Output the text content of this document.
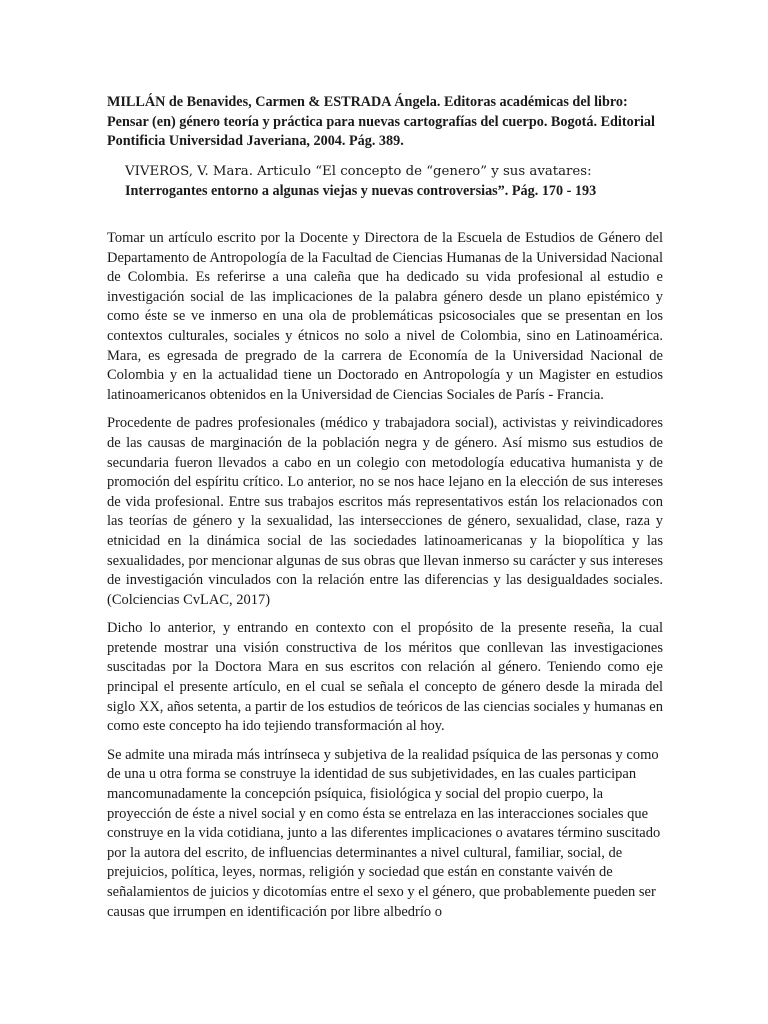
MILLÁN de Benavides, Carmen & ESTRADA Ángela. Editoras académicas del libro: Pensar (en) género teoría y práctica para nuevas cartografías del cuerpo. Bogotá. Editorial Pontificia Universidad Javeriana, 2004. Pág. 389.

VIVEROS, V. Mara. Articulo “El concepto de “genero” y sus avatares:
Interrogantes entorno a algunas viejas y nuevas controversias”. Pág. 170 - 193

Tomar un artículo escrito por la Docente y Directora de la Escuela de Estudios de Género del Departamento de Antropología de la Facultad de Ciencias Humanas de la Universidad Nacional de Colombia. Es referirse a una caleña que ha dedicado su vida profesional al estudio e investigación social de las implicaciones de la palabra género desde un plano epistémico y como éste se ve inmerso en una ola de problemáticas psicosociales que se presentan en los contextos culturales, sociales y étnicos no solo a nivel de Colombia, sino en Latinoamérica. Mara, es egresada de pregrado de la carrera de Economía de la Universidad Nacional de Colombia y en la actualidad tiene un Doctorado en Antropología y un Magister en estudios latinoamericanos obtenidos en la Universidad de Ciencias Sociales de París - Francia.

Procedente de padres profesionales (médico y trabajadora social), activistas y reivindicadores de las causas de marginación de la población negra y de género. Así mismo sus estudios de secundaria fueron llevados a cabo en un colegio con metodología educativa humanista y de promoción del espíritu crítico. Lo anterior, no se nos hace lejano en la elección de sus intereses de vida profesional. Entre sus trabajos escritos más representativos están los relacionados con las teorías de género y la sexualidad, las intersecciones de género, sexualidad, clase, raza y etnicidad en la dinámica social de las sociedades latinoamericanas y la biopolítica y las sexualidades, por mencionar algunas de sus obras que llevan inmerso su carácter y sus intereses de investigación vinculados con la relación entre las diferencias y las desigualdades sociales. (Colciencias CvLAC, 2017)

Dicho lo anterior, y entrando en contexto con el propósito de la presente reseña, la cual pretende mostrar una visión constructiva de los méritos que conllevan las investigaciones suscitadas por la Doctora Mara en sus escritos con relación al género. Teniendo como eje principal el presente artículo, en el cual se señala el concepto de género desde la mirada del siglo XX, años setenta, a partir de los estudios de teóricos de las ciencias sociales y humanas en como este concepto ha ido tejiendo transformación al hoy.

Se admite una mirada más intrínseca y subjetiva de la realidad psíquica de las personas y como de una u otra forma se construye la identidad de sus subjetividades, en las cuales participan mancomunadamente la concepción psíquica, fisiológica y social del propio cuerpo, la proyección de éste a nivel social y en como ésta se entrelaza en las interacciones sociales que construye en la vida cotidiana, junto a las diferentes implicaciones o avatares término suscitado por la autora del escrito, de influencias determinantes a nivel cultural, familiar, social, de prejuicios, política, leyes, normas, religión y sociedad que están en constante vaivén de señalamientos de juicios y dicotomías entre el sexo y el género, que probablemente pueden ser causas que irrumpen en identificación por libre albedrío o
